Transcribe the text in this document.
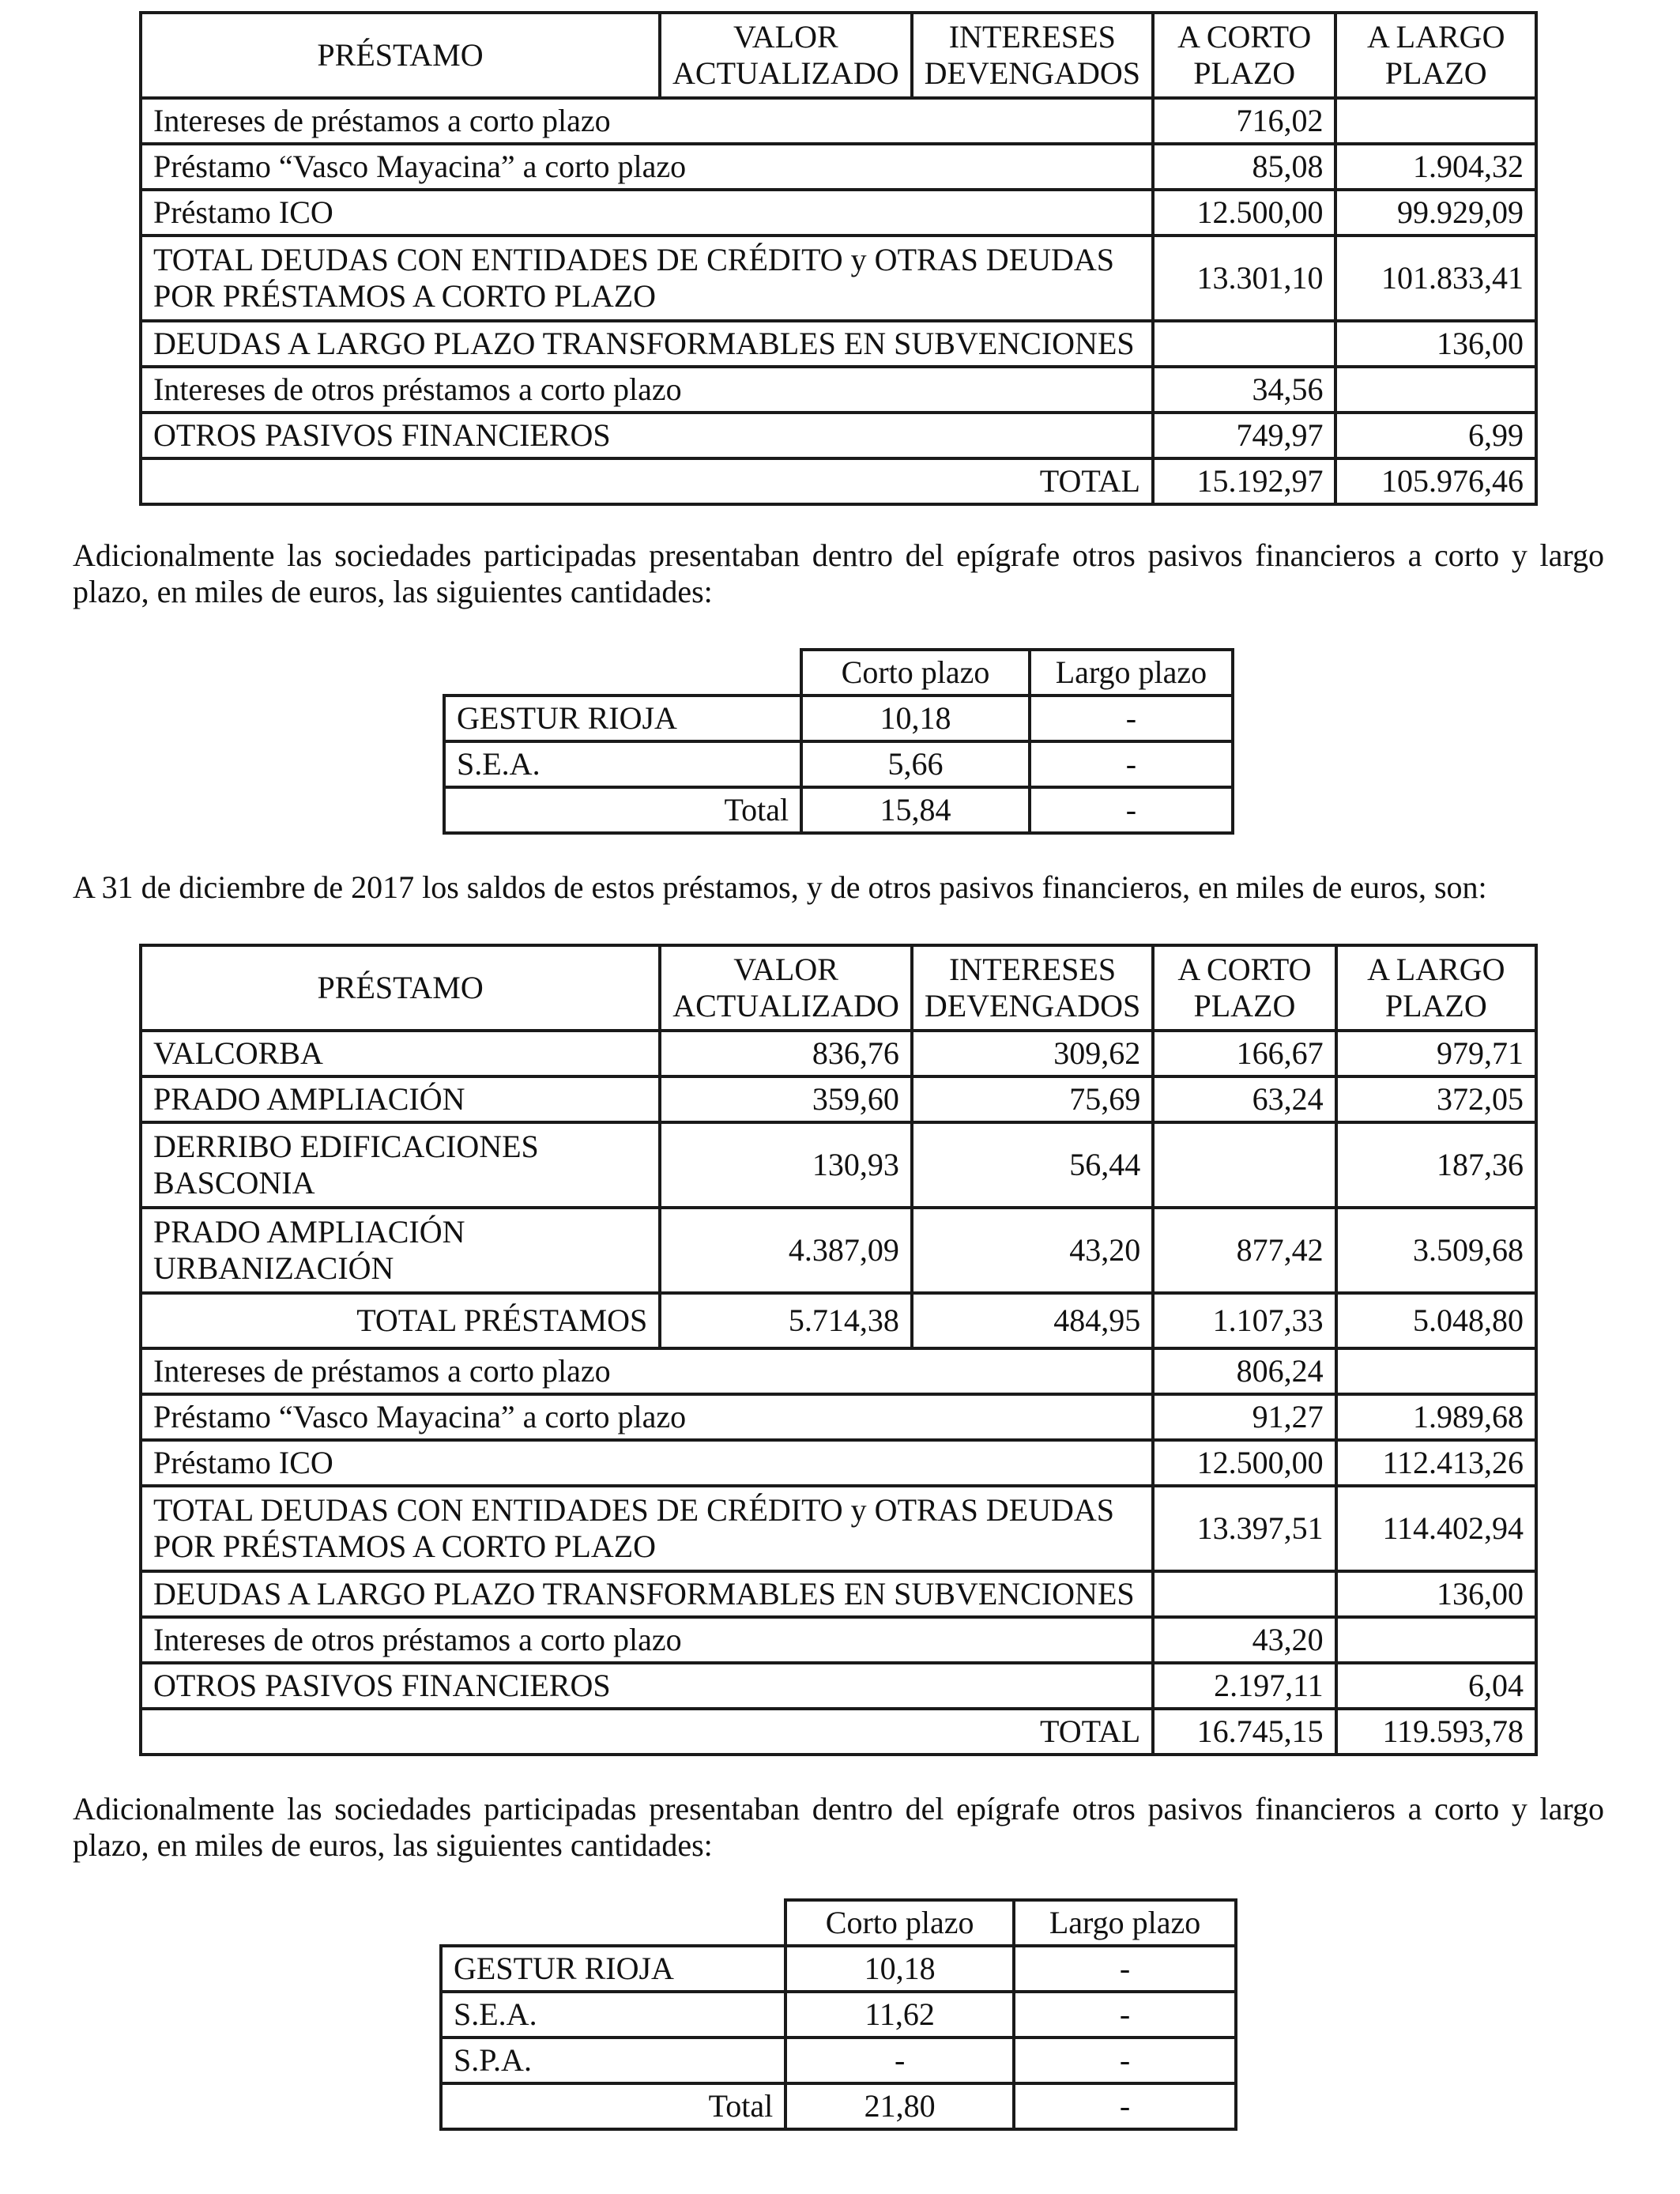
PRÉSTAMO	VALOR ACTUALIZADO	INTERESES DEVENGADOS	A CORTO PLAZO	A LARGO PLAZO
Intereses de préstamos a corto plazo			716,02	
Préstamo “Vasco Mayacina” a corto plazo			85,08	1.904,32
Préstamo ICO			12.500,00	99.929,09
TOTAL DEUDAS CON ENTIDADES DE CRÉDITO y OTRAS DEUDAS POR PRÉSTAMOS A CORTO PLAZO			13.301,10	101.833,41
DEUDAS A LARGO PLAZO TRANSFORMABLES EN SUBVENCIONES				136,00
Intereses de otros préstamos a corto plazo			34,56	
OTROS PASIVOS FINANCIEROS			749,97	6,99
TOTAL			15.192,97	105.976,46

Adicionalmente las sociedades participadas presentaban dentro del epígrafe otros pasivos financieros a corto y largo plazo, en miles de euros, las siguientes cantidades:

	Corto plazo	Largo plazo
GESTUR RIOJA	10,18	-
S.E.A.	5,66	-
Total	15,84	-

A 31 de diciembre de 2017 los saldos de estos préstamos, y de otros pasivos financieros, en miles de euros, son:

PRÉSTAMO	VALOR ACTUALIZADO	INTERESES DEVENGADOS	A CORTO PLAZO	A LARGO PLAZO
VALCORBA	836,76	309,62	166,67	979,71
PRADO AMPLIACIÓN	359,60	75,69	63,24	372,05
DERRIBO EDIFICACIONES BASCONIA	130,93	56,44		187,36
PRADO AMPLIACIÓN URBANIZACIÓN	4.387,09	43,20	877,42	3.509,68
TOTAL PRÉSTAMOS	5.714,38	484,95	1.107,33	5.048,80
Intereses de préstamos a corto plazo			806,24	
Préstamo “Vasco Mayacina” a corto plazo			91,27	1.989,68
Préstamo ICO			12.500,00	112.413,26
TOTAL DEUDAS CON ENTIDADES DE CRÉDITO y OTRAS DEUDAS POR PRÉSTAMOS A CORTO PLAZO			13.397,51	114.402,94
DEUDAS A LARGO PLAZO TRANSFORMABLES EN SUBVENCIONES				136,00
Intereses de otros préstamos a corto plazo			43,20	
OTROS PASIVOS FINANCIEROS			2.197,11	6,04
TOTAL			16.745,15	119.593,78

Adicionalmente las sociedades participadas presentaban dentro del epígrafe otros pasivos financieros a corto y largo plazo, en miles de euros, las siguientes cantidades:

	Corto plazo	Largo plazo
GESTUR RIOJA	10,18	-
S.E.A.	11,62	-
S.P.A.	-	-
Total	21,80	-
